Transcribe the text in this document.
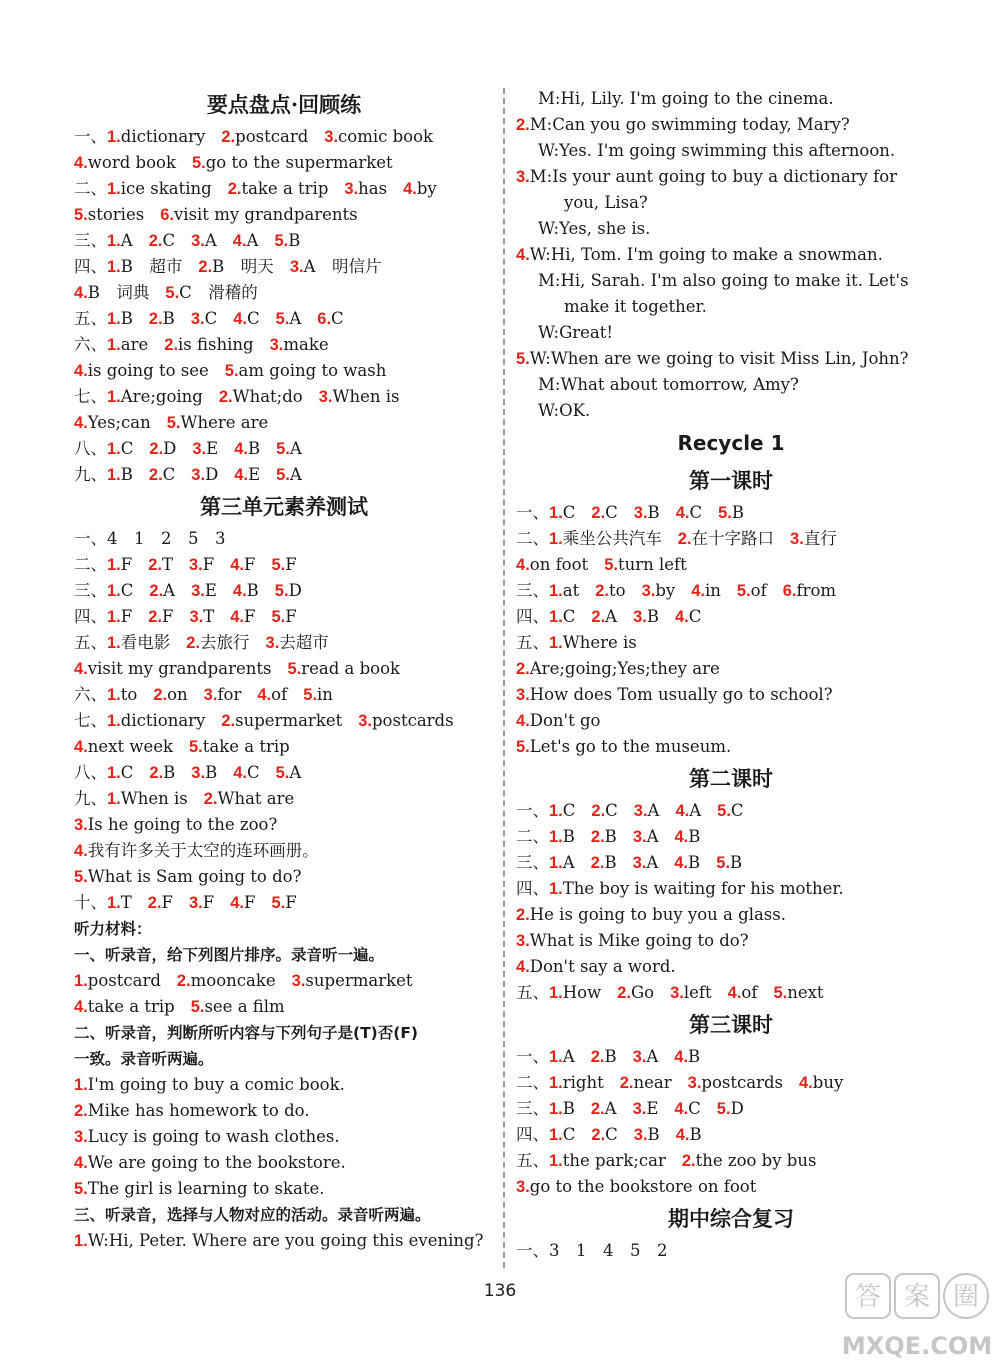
要点盘点·回顾练
一、1.dictionary 2.postcard 3.comic book
4.word book 5.go to the supermarket
二、1.ice skating 2.take a trip 3.has 4.by
5.stories 6.visit my grandparents
三、1.A 2.C 3.A 4.A 5.B
四、1.B　超市 2.B　明天 3.A　明信片
4.B　词典 5.C　滑稽的
五、1.B 2.B 3.C 4.C 5.A 6.C
六、1.are 2.is fishing 3.make
4.is going to see 5.am going to wash
七、1.Are;going 2.What;do 3.When is
4.Yes;can 5.Where are
八、1.C 2.D 3.E 4.B 5.A
九、1.B 2.C 3.D 4.E 5.A
第三单元素养测试
一、4　1　2　5　3
二、1.F 2.T 3.F 4.F 5.F
三、1.C 2.A 3.E 4.B 5.D
四、1.F 2.F 3.T 4.F 5.F
五、1.看电影 2.去旅行 3.去超市
4.visit my grandparents 5.read a book
六、1.to 2.on 3.for 4.of 5.in
七、1.dictionary 2.supermarket 3.postcards
4.next week 5.take a trip
八、1.C 2.B 3.B 4.C 5.A
九、1.When is 2.What are
3.Is he going to the zoo?
4.我有许多关于太空的连环画册。
5.What is Sam going to do?
十、1.T 2.F 3.F 4.F 5.F
听力材料：
一、听录音，给下列图片排序。录音听一遍。
1.postcard 2.mooncake 3.supermarket
4.take a trip 5.see a film
二、听录音，判断所听内容与下列句子是(T)否(F)
一致。录音听两遍。
1.I'm going to buy a comic book.
2.Mike has homework to do.
3.Lucy is going to wash clothes.
4.We are going to the bookstore.
5.The girl is learning to skate.
三、听录音，选择与人物对应的活动。录音听两遍。
1.W:Hi, Peter. Where are you going this evening?
M:Hi, Lily. I'm going to the cinema.
2.M:Can you go swimming today, Mary?
W:Yes. I'm going swimming this afternoon.
3.M:Is your aunt going to buy a dictionary for
you, Lisa?
W:Yes, she is.
4.W:Hi, Tom. I'm going to make a snowman.
M:Hi, Sarah. I'm also going to make it. Let's
make it together.
W:Great!
5.W:When are we going to visit Miss Lin, John?
M:What about tomorrow, Amy?
W:OK.
Recycle 1
第一课时
一、1.C 2.C 3.B 4.C 5.B
二、1.乘坐公共汽车 2.在十字路口 3.直行
4.on foot 5.turn left
三、1.at 2.to 3.by 4.in 5.of 6.from
四、1.C 2.A 3.B 4.C
五、1.Where is
2.Are;going;Yes;they are
3.How does Tom usually go to school?
4.Don't go
5.Let's go to the museum.
第二课时
一、1.C 2.C 3.A 4.A 5.C
二、1.B 2.B 3.A 4.B
三、1.A 2.B 3.A 4.B 5.B
四、1.The boy is waiting for his mother.
2.He is going to buy you a glass.
3.What is Mike going to do?
4.Don't say a word.
五、1.How 2.Go 3.left 4.of 5.next
第三课时
一、1.A 2.B 3.A 4.B
二、1.right 2.near 3.postcards 4.buy
三、1.B 2.A 3.E 4.C 5.D
四、1.C 2.C 3.B 4.B
五、1.the park;car 2.the zoo by bus
3.go to the bookstore on foot
期中综合复习
一、3　1　4　5　2
136	答 案 圈
MXQE.COM
